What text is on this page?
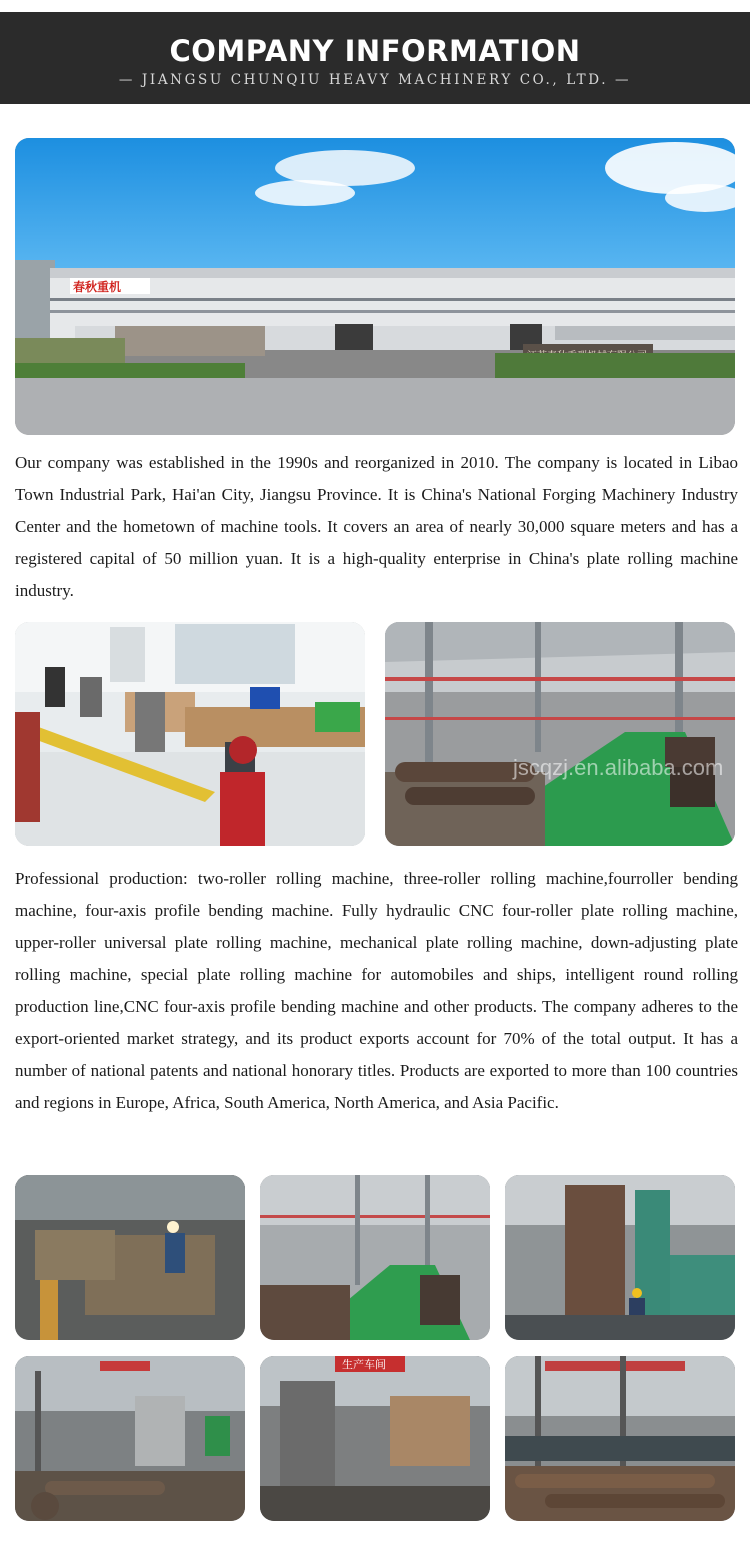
COMPANY INFORMATION
— JIANGSU CHUNQIU HEAVY MACHINERY CO., LTD. —
春秋重机

Our company was established in the 1990s and reorganized in 2010. The company is located in Libao Town Industrial Park, Hai'an City, Jiangsu Province. It is China's National Forging Machinery Industry Center and the hometown of machine tools. It covers an area of nearly 30,000 square meters and has a registered capital of 50 million yuan. It is a high-quality enterprise in China's plate rolling machine industry.

jscqzj.en.alibaba.com

Professional production: two-roller rolling machine, three-roller rolling machine,fourroller bending machine, four-axis profile bending machine. Fully hydraulic CNC four-roller plate rolling machine, upper-roller universal plate rolling machine, mechanical plate rolling machine, down-adjusting plate rolling machine, special plate rolling machine for automobiles and ships, intelligent round rolling production line,CNC four-axis profile bending machine and other products. The company adheres to the export-oriented market strategy, and its product exports account for 70% of the total output. It has a number of national patents and national honorary titles. Products are exported to more than 100 countries and regions in Europe, Africa, South America, North America, and Asia Pacific.

生产车间
